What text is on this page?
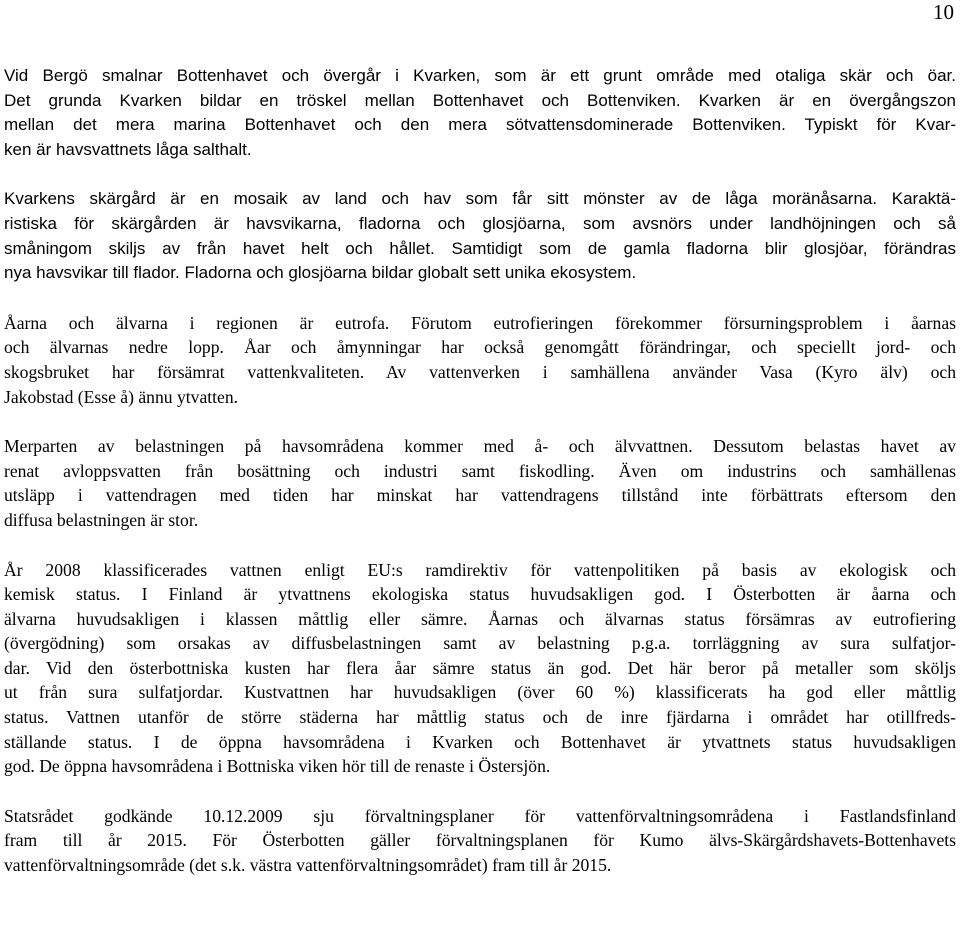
10

Vid Bergö smalnar Bottenhavet och övergår i Kvarken, som är ett grunt område med otaliga skär och öar.
Det grunda Kvarken bildar en tröskel mellan Bottenhavet och Bottenviken. Kvarken är en övergångszon
mellan det mera marina Bottenhavet och den mera sötvattensdominerade Bottenviken. Typiskt för Kvar-
ken är havsvattnets låga salthalt.

Kvarkens skärgård är en mosaik av land och hav som får sitt mönster av de låga moränåsarna. Karaktä-
ristiska för skärgården är havsvikarna, fladorna och glosjöarna, som avsnörs under landhöjningen och så
småningom skiljs av från havet helt och hållet. Samtidigt som de gamla fladorna blir glosjöar, förändras
nya havsvikar till flador. Fladorna och glosjöarna bildar globalt sett unika ekosystem.

Åarna och älvarna i regionen är eutrofa. Förutom eutrofieringen förekommer försurningsproblem i åarnas
och älvarnas nedre lopp. Åar och åmynningar har också genomgått förändringar, och speciellt jord- och
skogsbruket har försämrat vattenkvaliteten. Av vattenverken i samhällena använder Vasa (Kyro älv) och
Jakobstad (Esse å) ännu ytvatten.

Merparten av belastningen på havsområdena kommer med å- och älvvattnen. Dessutom belastas havet av
renat avloppsvatten från bosättning och industri samt fiskodling. Även om industrins och samhällenas
utsläpp i vattendragen med tiden har minskat har vattendragens tillstånd inte förbättrats eftersom den
diffusa belastningen är stor.

År 2008 klassificerades vattnen enligt EU:s ramdirektiv för vattenpolitiken på basis av ekologisk och
kemisk status. I Finland är ytvattnens ekologiska status huvudsakligen god. I Österbotten är åarna och
älvarna huvudsakligen i klassen måttlig eller sämre. Åarnas och älvarnas status försämras av eutrofiering
(övergödning) som orsakas av diffusbelastningen samt av belastning p.g.a. torrläggning av sura sulfatjor-
dar. Vid den österbottniska kusten har flera åar sämre status än god. Det här beror på metaller som sköljs
ut från sura sulfatjordar. Kustvattnen har huvudsakligen (över 60 %) klassificerats ha god eller måttlig
status. Vattnen utanför de större städerna har måttlig status och de inre fjärdarna i området har otillfreds-
ställande status. I de öppna havsområdena i Kvarken och Bottenhavet är ytvattnets status huvudsakligen
god. De öppna havsområdena i Bottniska viken hör till de renaste i Östersjön.

Statsrådet godkände 10.12.2009 sju förvaltningsplaner för vattenförvaltningsområdena i Fastlandsfinland
fram till år 2015. För Österbotten gäller förvaltningsplanen för Kumo älvs-Skärgårdshavets-Bottenhavets
vattenförvaltningsområde (det s.k. västra vattenförvaltningsområdet) fram till år 2015.
